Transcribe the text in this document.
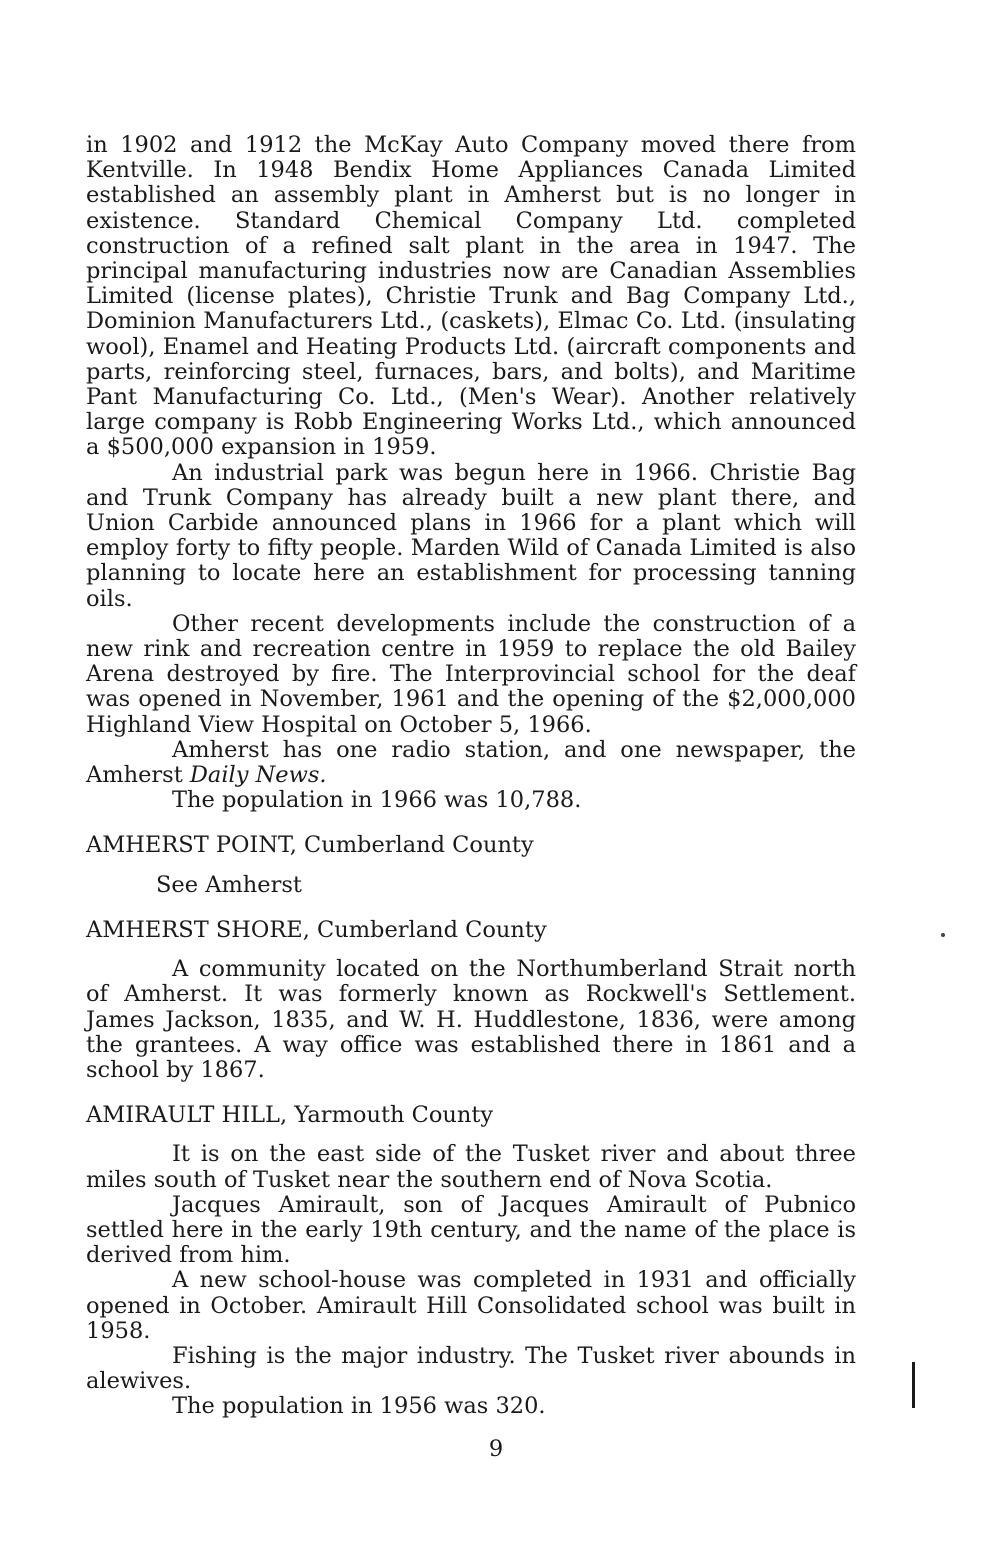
in 1902 and 1912 the McKay Auto Company moved there from Kentville. In 1948 Bendix Home Appliances Canada Limited established an assembly plant in Amherst but is no longer in existence. Standard Chemical Company Ltd. completed construction of a refined salt plant in the area in 1947. The principal manufacturing industries now are Canadian Assemblies Limited (license plates), Christie Trunk and Bag Company Ltd., Dominion Manufacturers Ltd., (caskets), Elmac Co. Ltd. (insulating wool), Enamel and Heating Products Ltd. (aircraft components and parts, reinforcing steel, furnaces, bars, and bolts), and Maritime Pant Manufacturing Co. Ltd., (Men's Wear). Another relatively large company is Robb Engineering Works Ltd., which announced a $500,000 expansion in 1959.

An industrial park was begun here in 1966. Christie Bag and Trunk Company has already built a new plant there, and Union Carbide announced plans in 1966 for a plant which will employ forty to fifty people. Marden Wild of Canada Limited is also planning to locate here an establishment for processing tanning oils.

Other recent developments include the construction of a new rink and recreation centre in 1959 to replace the old Bailey Arena destroyed by fire. The Interprovincial school for the deaf was opened in November, 1961 and the opening of the $2,000,000 Highland View Hospital on October 5, 1966.

Amherst has one radio station, and one newspaper, the Amherst Daily News.

The population in 1966 was 10,788.

AMHERST POINT, Cumberland County

See Amherst

AMHERST SHORE, Cumberland County

A community located on the Northumberland Strait north of Amherst. It was formerly known as Rockwell's Settlement. James Jackson, 1835, and W. H. Huddlestone, 1836, were among the grantees. A way office was established there in 1861 and a school by 1867.

AMIRAULT HILL, Yarmouth County

It is on the east side of the Tusket river and about three miles south of Tusket near the southern end of Nova Scotia.

Jacques Amirault, son of Jacques Amirault of Pubnico settled here in the early 19th century, and the name of the place is derived from him.

A new school-house was completed in 1931 and officially opened in October. Amirault Hill Consolidated school was built in 1958.

Fishing is the major industry. The Tusket river abounds in alewives.

The population in 1956 was 320.

9
